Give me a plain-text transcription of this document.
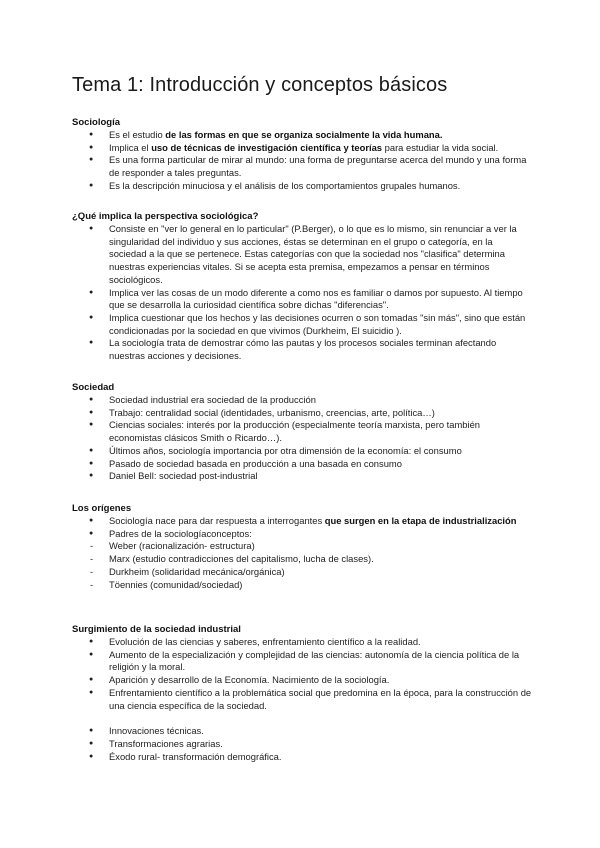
Tema 1: Introducción y conceptos básicos
Sociología
● Es el estudio de las formas en que se organiza socialmente la vida humana.
● Implica el uso de técnicas de investigación científica y teorías para estudiar la vida social.
● Es una forma particular de mirar al mundo: una forma de preguntarse acerca del mundo y una forma de responder a tales preguntas.
● Es la descripción minuciosa y el análisis de los comportamientos grupales humanos.
¿Qué implica la perspectiva sociológica?
● Consiste en "ver lo general en lo particular" (P.Berger), o lo que es lo mismo, sin renunciar a ver la singularidad del individuo y sus acciones, éstas se determinan en el grupo o categoría, en la sociedad a la que se pertenece. Estas categorías con que la sociedad nos "clasifica" determina nuestras experiencias vitales. Si se acepta esta premisa, empezamos a pensar en términos sociológicos.
● Implica ver las cosas de un modo diferente a como nos es familiar o damos por supuesto. Al tiempo que se desarrolla la curiosidad científica sobre dichas "diferencias".
● Implica cuestionar que los hechos y las decisiones ocurren o son tomadas "sin más", sino que están condicionadas por la sociedad en que vivimos (Durkheim, El suicidio ).
● La sociología trata de demostrar cómo las pautas y los procesos sociales terminan afectando nuestras acciones y decisiones.
Sociedad
● Sociedad industrial era sociedad de la producción
● Trabajo: centralidad social (identidades, urbanismo, creencias, arte, política…)
● Ciencias sociales: interés por la producción (especialmente teoría marxista, pero también economistas clásicos Smith o Ricardo…).
● Últimos años, sociología importancia por otra dimensión de la economía: el consumo
● Pasado de sociedad basada en producción a una basada en consumo
● Daniel Bell: sociedad post-industrial
Los orígenes
● Sociología nace para dar respuesta a interrogantes que surgen en la etapa de industrialización
● Padres de la sociologíaconceptos:
- Weber (racionalización- estructura)
- Marx (estudio contradicciones del capitalismo, lucha de clases).
- Durkheim (solidaridad mecánica/orgánica)
- Töennies (comunidad/sociedad)
Surgimiento de la sociedad industrial
● Evolución de las ciencias y saberes, enfrentamiento científico a la realidad.
● Aumento de la especialización y complejidad de las ciencias: autonomía de la ciencia política de la religión y la moral.
● Aparición y desarrollo de la Economía. Nacimiento de la sociología.
● Enfrentamiento científico a la problemática social que predomina en la época, para la construcción de una ciencia específica de la sociedad.
● Innovaciones técnicas.
● Transformaciones agrarias.
● Éxodo rural- transformación demográfica.
